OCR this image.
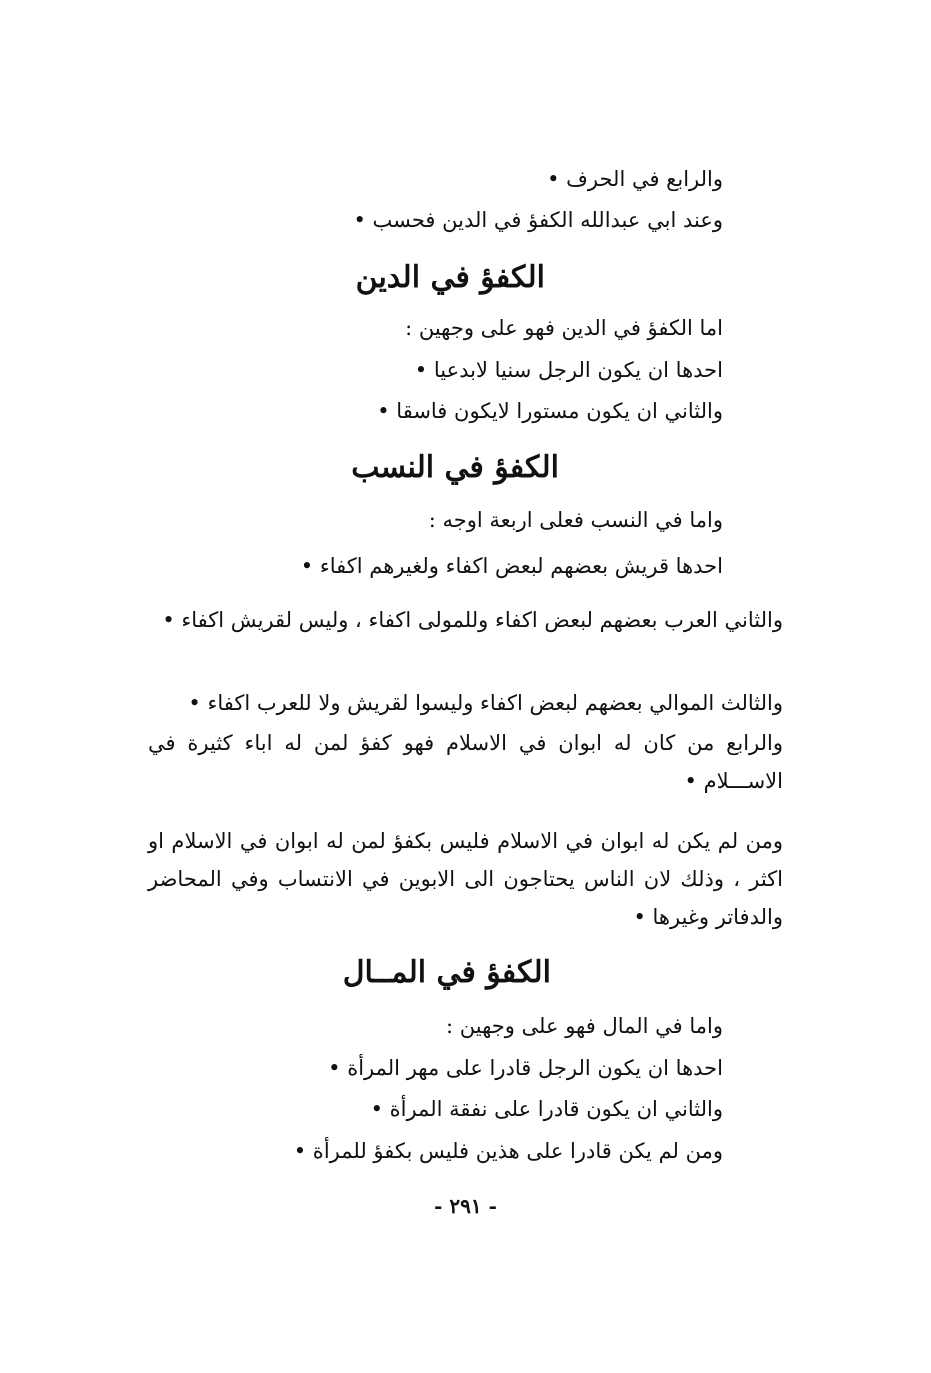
والرابع في الحرف •
وعند ابي عبدالله الكفؤ في الدين فحسب •
الكفؤ في الدين
اما الكفؤ في الدين فهو على وجهين :
احدها ان يكون الرجل سنيا لابدعيا •
والثاني ان يكون مستورا لايكون فاسقا •
الكفؤ في النسب
واما في النسب فعلى اربعة اوجه :
احدها قريش بعضهم لبعض اكفاء ولغيرهم اكفاء •
والثاني العرب بعضهم لبعض اكفاء وللمولى اكفاء ، وليس لقريش اكفاء •
والثالث الموالي بعضهم لبعض اكفاء وليسوا لقريش ولا للعرب اكفاء •
والرابع من كان له ابوان في الاسلام فهو كفؤ لمن له اباء كثيرة في الاســـلام •
ومن لم يكن له ابوان في الاسلام فليس بكفؤ لمن له ابوان في الاسلام او اكثر ، وذلك لان الناس يحتاجون الى الابوين في الانتساب وفي المحاضر والدفاتر وغيرها •
الكفؤ في المــال
واما في المال فهو على وجهين :
احدها ان يكون الرجل قادرا على مهر المرأة •
والثاني ان يكون قادرا على نفقة المرأة •
ومن لم يكن قادرا على هذين فليس بكفؤ للمرأة •
- ٢٩١ -
